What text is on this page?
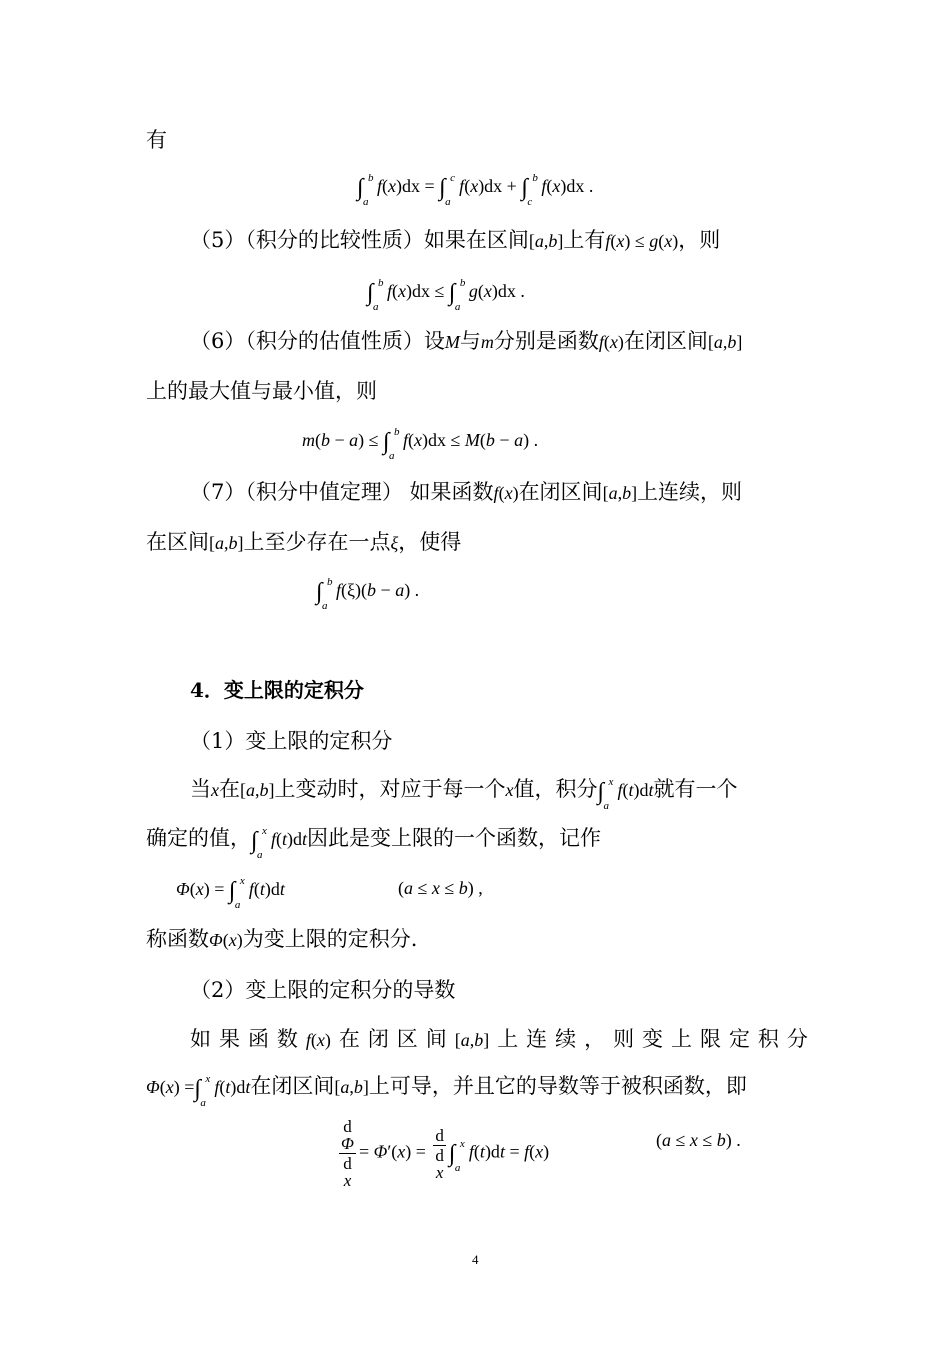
有
b
∫
a
f(x)dx = c
∫
a
f(x)dx + b
∫
c
f(x)dx .
（5）（积分的比较性质）如果在区间[a,b]上有f(x) ≤ g(x)，则
b
∫
a
f(x)dx ≤ b
∫
a
g(x)dx .
（6）（积分的估值性质）设M与m分别是函数f(x)在闭区间[a,b]
上的最大值与最小值，则
m(b − a) ≤ b
∫
a
f(x)dx ≤ M(b − a) .
（7）（积分中值定理） 如果函数f(x)在闭区间[a,b]上连续，则
在区间[a,b]上至少存在一点ξ，使得
b
∫
a
f(ξ)(b − a) .
4．变上限的定积分
（1）变上限的定积分
当x在[a,b]上变动时，对应于每一个x值，积分 x
∫
a
f(t)dt就有一个
确定的值， x
∫
a
f(t)dt因此是变上限的一个函数，记作
Φ(x) = x
∫
a
f(t)dt	(a ≤ x ≤ b) ,
称函数Φ(x)为变上限的定积分.
（2）变上限的定积分的导数
如 果 函 数 f(x) 在 闭 区 间 [a,b] 上 连 续 ， 则 变 上 限 定 积 分
Φ(x) = x
∫
a
f(t)dt在闭区间[a,b]上可导，并且它的导数等于被积函数，即
d
Φ
d
x = Φ′(x) = d
d
x x
∫
a
f(t)dt = f(x)
(a ≤ x ≤ b) .
4
